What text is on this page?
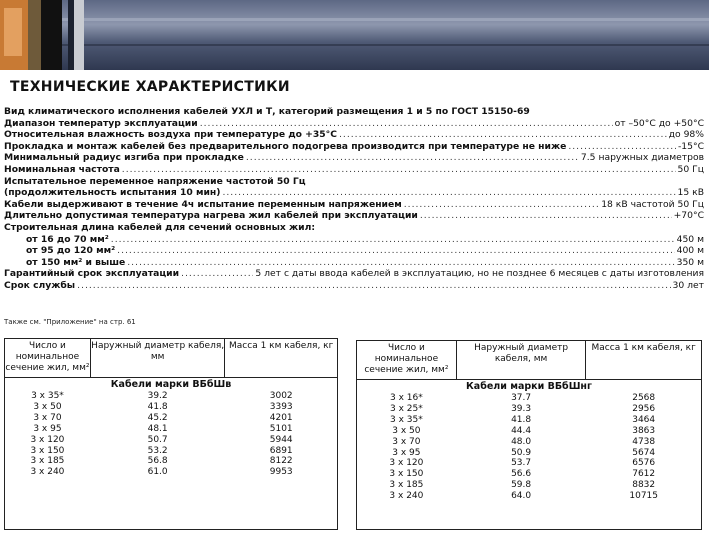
ТЕХНИЧЕСКИЕ ХАРАКТЕРИСТИКИ
Вид климатического исполнения кабелей УХЛ и Т, категорий размещения 1 и 5 по ГОСТ 15150-69
Диапазон температур эксплуатации .....	от –50°С до +50°С
Относительная влажность воздуха при температуре до +35°С .....	до 98%
Прокладка и монтаж кабелей без предварительного подогрева производится при температуре не ниже .....	-15°С
Минимальный радиус изгиба при прокладке .....	7.5 наружных диаметров
Номинальная частота .....	50 Гц
Испытательное переменное напряжение частотой 50 Гц
(продолжительность испытания 10 мин) .....	15 кВ
Кабели выдерживают в течение 4ч испытание переменным напряжением .....	18 кВ частотой 50 Гц
Длительно допустимая температура нагрева жил кабелей при эксплуатации .....	+70°С
Строительная длина кабелей для сечений основных жил:
от 16 до 70 мм² .....	450 м
от 95 до 120 мм² .....	400 м
от 150 мм² и выше .....	350 м
Гарантийный срок эксплуатации .....	5 лет с даты ввода кабелей в эксплуатацию, но не позднее 6 месяцев с даты изготовления
Срок службы .....	30 лет
Также см. "Приложение" на стр. 61
Число и номинальное сечение жил, мм²	Наружный диаметр кабеля, мм	Масса 1 км кабеля, кг
Кабели марки ВБбШв		
3 x 35*	39.2	3002
3 x 50	41.8	3393
3 x 70	45.2	4201
3 x 95	48.1	5101
3 x 120	50.7	5944
3 x 150	53.2	6891
3 x 185	56.8	8122
3 x 240	61.0	9953
Число и номинальное сечение жил, мм²	Наружный диаметр кабеля, мм	Масса 1 км кабеля, кг
Кабели марки ВБбШнг		
3 x 16*	37.7	2568
3 x 25*	39.3	2956
3 x 35*	41.8	3464
3 x 50	44.4	3863
3 x 70	48.0	4738
3 x 95	50.9	5674
3 x 120	53.7	6576
3 x 150	56.6	7612
3 x 185	59.8	8832
3 x 240	64.0	10715
